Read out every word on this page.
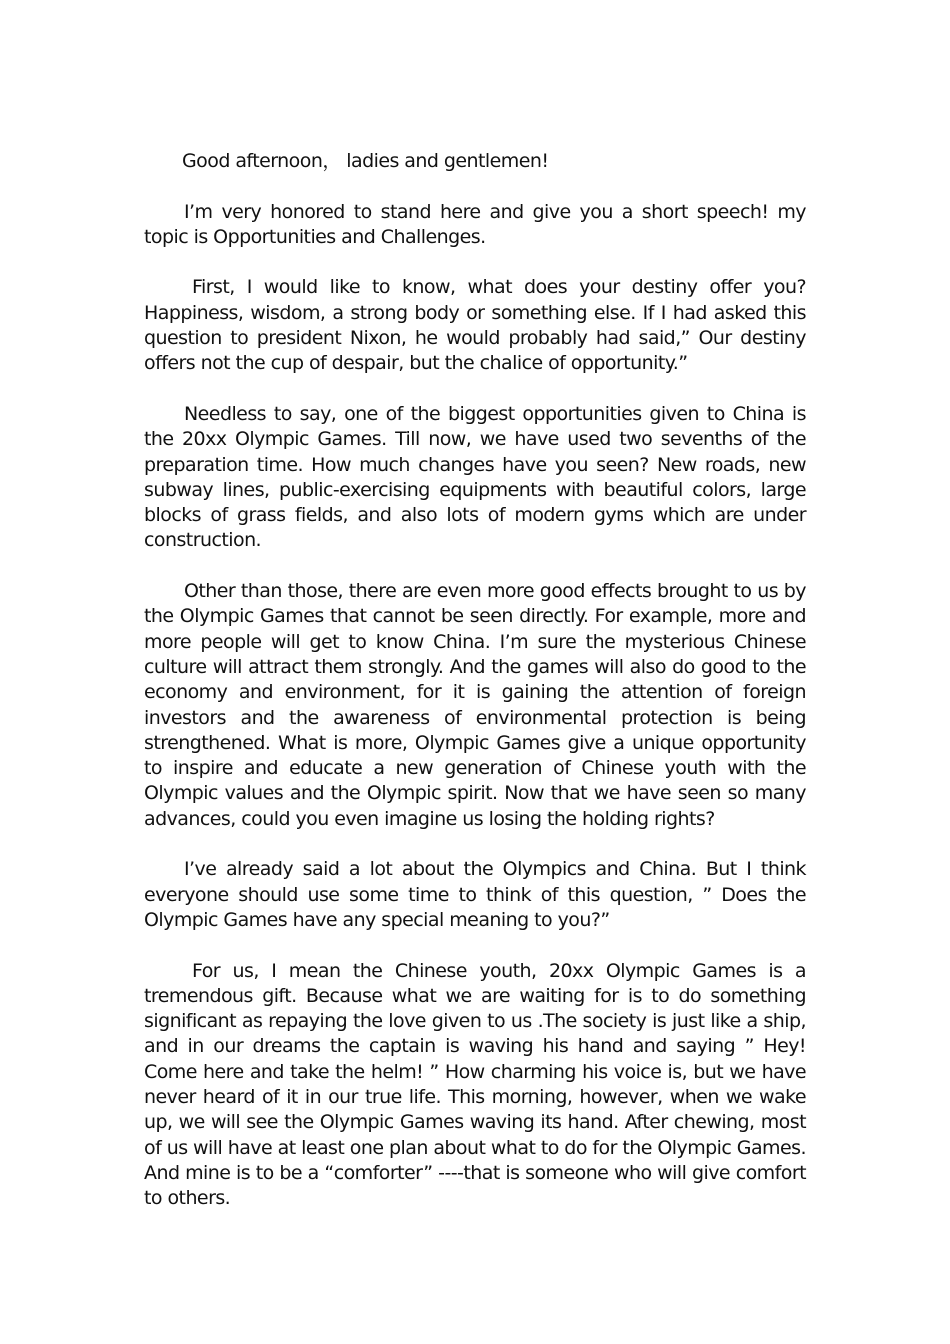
Good afternoon， ladies and gentlemen!

I’m very honored to stand here and give you a short speech! my topic is Opportunities and Challenges.

First, I would like to know, what does your destiny offer you? Happiness, wisdom, a strong body or something else. If I had asked this question to president Nixon, he would probably had said,” Our destiny offers not the cup of despair, but the chalice of opportunity.”

Needless to say, one of the biggest opportunities given to China is the 20xx Olympic Games. Till now, we have used two sevenths of the preparation time. How much changes have you seen? New roads, new subway lines, public-exercising equipments with beautiful colors, large blocks of grass fields, and also lots of modern gyms which are under construction.

Other than those, there are even more good effects brought to us by the Olympic Games that cannot be seen directly. For example, more and more people will get to know China. I’m sure the mysterious Chinese culture will attract them strongly. And the games will also do good to the economy and environment, for it is gaining the attention of foreign investors and the awareness of environmental protection is being strengthened. What is more, Olympic Games give a unique opportunity to inspire and educate a new generation of Chinese youth with the Olympic values and the Olympic spirit. Now that we have seen so many advances, could you even imagine us losing the holding rights?

I’ve already said a lot about the Olympics and China. But I think everyone should use some time to think of this question, ” Does the Olympic Games have any special meaning to you?”

For us, I mean the Chinese youth, 20xx Olympic Games is a tremendous gift. Because what we are waiting for is to do something significant as repaying the love given to us .The society is just like a ship, and in our dreams the captain is waving his hand and saying ” Hey! Come here and take the helm! ” How charming his voice is, but we have never heard of it in our true life. This morning, however, when we wake up, we will see the Olympic Games waving its hand. After chewing, most of us will have at least one plan about what to do for the Olympic Games. And mine is to be a “comforter” ----that is someone who will give comfort to others.
